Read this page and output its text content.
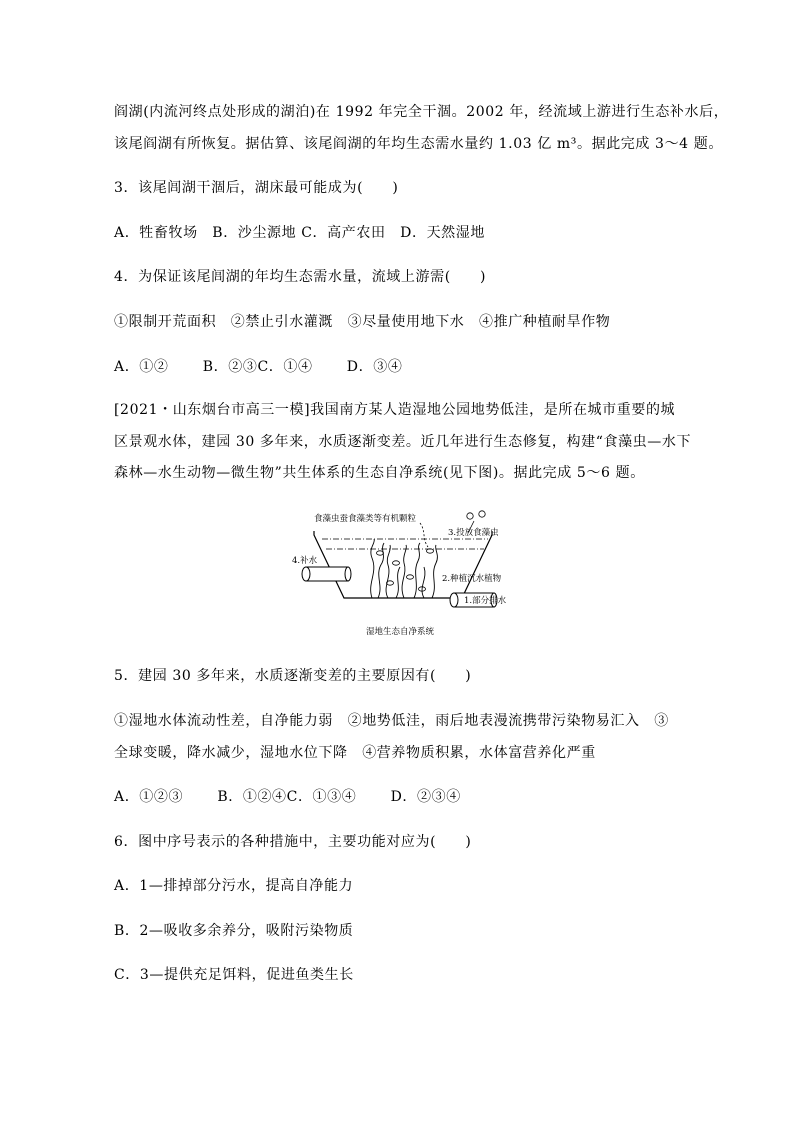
阎湖(内流河终点处形成的湖泊)在 1992 年完全干涸。2002 年，经流域上游进行生态补水后，
该尾阎湖有所恢复。据估算、该尾阎湖的年均生态需水量约 1.03 亿 m³。据此完成 3～4 题。
3．该尾闾湖干涸后，湖床最可能成为(　　)
A．牲畜牧场　B．沙尘源地 C．高产农田　D．天然湿地
4．为保证该尾闾湖的年均生态需水量，流域上游需(　　)
①限制开荒面积　②禁止引水灌溉　③尽量使用地下水　④推广种植耐旱作物
A．①②　　 B．②③C．①④　　 D．③④
[2021・山东烟台市高三一模]我国南方某人造湿地公园地势低洼，是所在城市重要的城
区景观水体，建园 30 多年来，水质逐渐变差。近几年进行生态修复，构建“食藻虫—水下
森林—水生动物—微生物”共生体系的生态自净系统(见下图)。据此完成 5～6 题。
食藻虫蚕食藻类等有机颗粒
3.投放食藻虫
4.补水
2.种植沉水植物
1.部分排水
湿地生态自净系统
5．建园 30 多年来，水质逐渐变差的主要原因有(　　)
①湿地水体流动性差，自净能力弱　②地势低洼，雨后地表漫流携带污染物易汇入　③
全球变暖，降水减少，湿地水位下降　④营养物质积累，水体富营养化严重
A．①②③　　 B．①②④C．①③④　　 D．②③④
6．图中序号表示的各种措施中，主要功能对应为(　　)
A．1—排掉部分污水，提高自净能力
B．2—吸收多余养分，吸附污染物质
C．3—提供充足饵料，促进鱼类生长
